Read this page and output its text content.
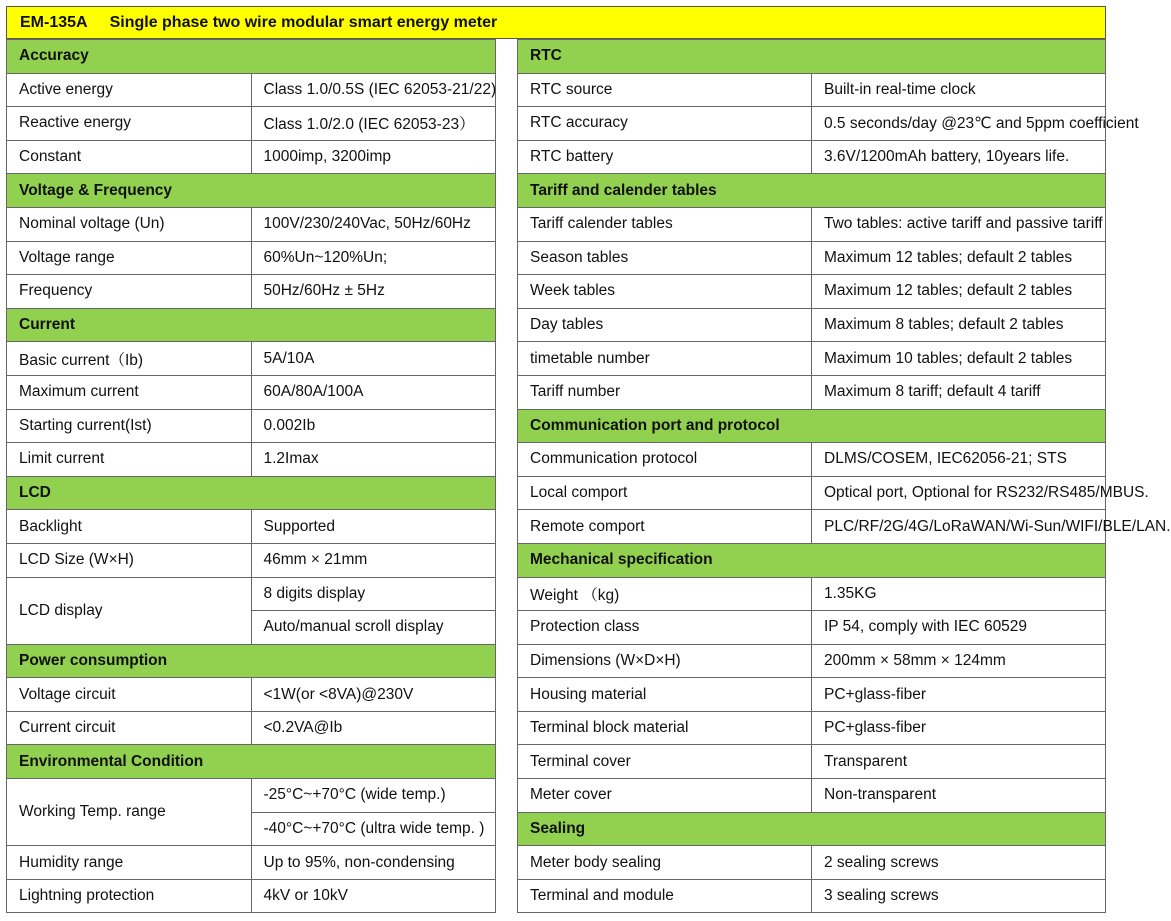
EM-135A Single phase two wire modular smart energy meter
Accuracy	
Active energy	Class 1.0/0.5S (IEC 62053-21/22)
Reactive energy	Class 1.0/2.0 (IEC 62053-23）
Constant	1000imp, 3200imp
Voltage & Frequency	
Nominal voltage (Un)	100V/230/240Vac, 50Hz/60Hz
Voltage range	60%Un~120%Un;
Frequency	50Hz/60Hz ± 5Hz
Current	
Basic current（Ib)	5A/10A
Maximum current	60A/80A/100A
Starting current(Ist)	0.002Ib
Limit current	1.2Imax
LCD	
Backlight	Supported
LCD Size (W×H)	46mm × 21mm
LCD display	8 digits display
	Auto/manual scroll display
Power consumption	
Voltage circuit	<1W(or <8VA)@230V
Current circuit	<0.2VA@Ib
Environmental Condition	
Working Temp. range	-25°C~+70°C (wide temp.)
	-40°C~+70°C (ultra wide temp. )
Humidity range	Up to 95%, non-condensing
Lightning protection	4kV or 10kV
RTC	
RTC source	Built-in real-time clock
RTC accuracy	0.5 seconds/day @23℃ and 5ppm coefficient
RTC battery	3.6V/1200mAh battery, 10years life.
Tariff and calender tables	
Tariff calender tables	Two tables: active tariff and passive tariff
Season tables	Maximum 12 tables; default 2 tables
Week tables	Maximum 12 tables; default 2 tables
Day tables	Maximum 8 tables; default 2 tables
timetable number	Maximum 10 tables; default 2 tables
Tariff number	Maximum 8 tariff; default 4 tariff
Communication port and protocol	
Communication protocol	DLMS/COSEM, IEC62056-21; STS
Local comport	Optical port, Optional for RS232/RS485/MBUS.
Remote comport	PLC/RF/2G/4G/LoRaWAN/Wi-Sun/WIFI/BLE/LAN.
Mechanical specification	
Weight （kg)	1.35KG
Protection class	IP 54, comply with IEC 60529
Dimensions (W×D×H)	200mm × 58mm × 124mm
Housing material	PC+glass-fiber
Terminal block material	PC+glass-fiber
Terminal cover	Transparent
Meter cover	Non-transparent
Sealing	
Meter body sealing	2 sealing screws
Terminal and module	3 sealing screws
